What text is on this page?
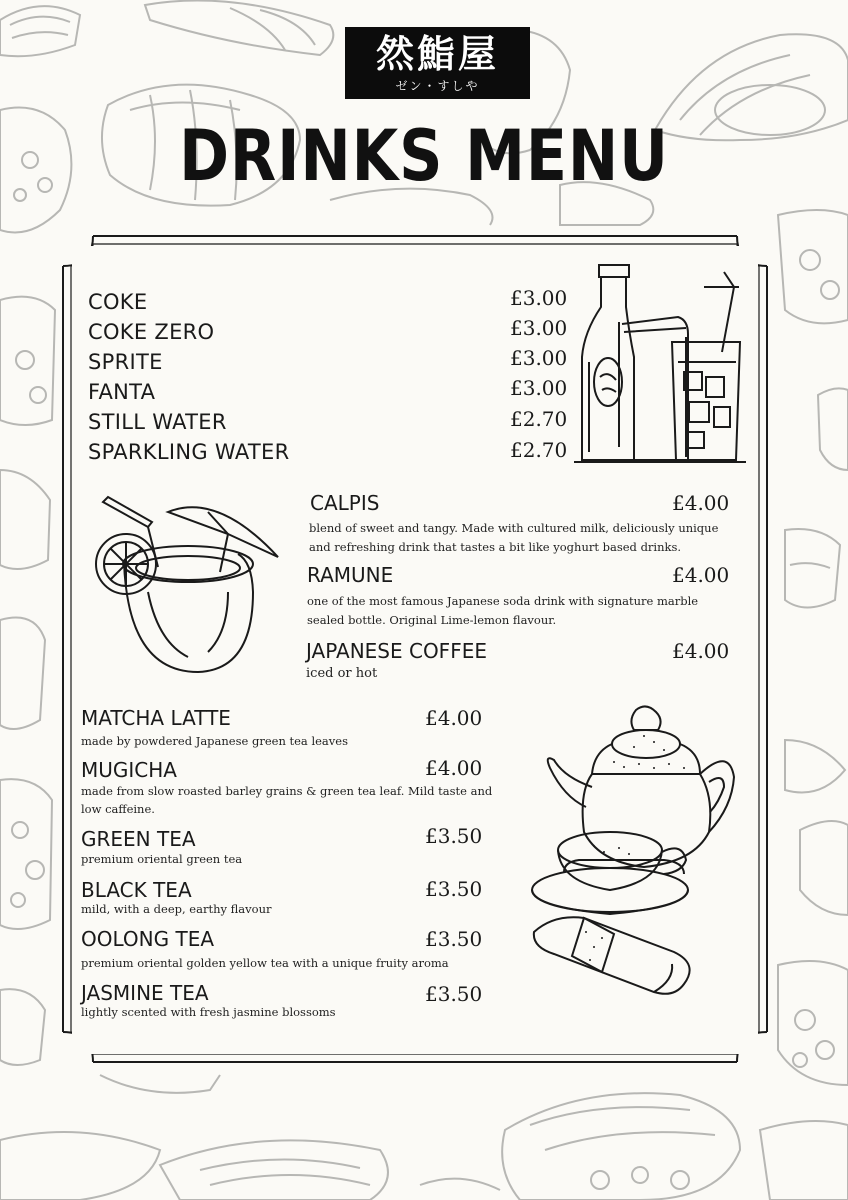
然鮨屋
ゼン・すしや
DRINKS MENU
COKE	£3.00
COKE ZERO	£3.00
SPRITE	£3.00
FANTA	£3.00
STILL WATER	£2.70
SPARKLING WATER	£2.70
CALPIS	£4.00
blend of sweet and tangy. Made with cultured milk, deliciously unique
and refreshing drink that tastes a bit like yoghurt based drinks.
RAMUNE	£4.00
one of the most famous Japanese soda drink with signature marble
sealed bottle. Original Lime-lemon flavour.
JAPANESE COFFEE	£4.00
iced or hot
MATCHA LATTE	£4.00
made by powdered Japanese green tea leaves
MUGICHA	£4.00
made from slow roasted barley grains & green tea leaf. Mild taste and
low caffeine.
GREEN TEA	£3.50
premium oriental green tea
BLACK TEA	£3.50
mild, with a deep, earthy flavour
OOLONG TEA	£3.50
premium oriental golden yellow tea with a unique fruity aroma
JASMINE TEA	£3.50
lightly scented with fresh jasmine blossoms
